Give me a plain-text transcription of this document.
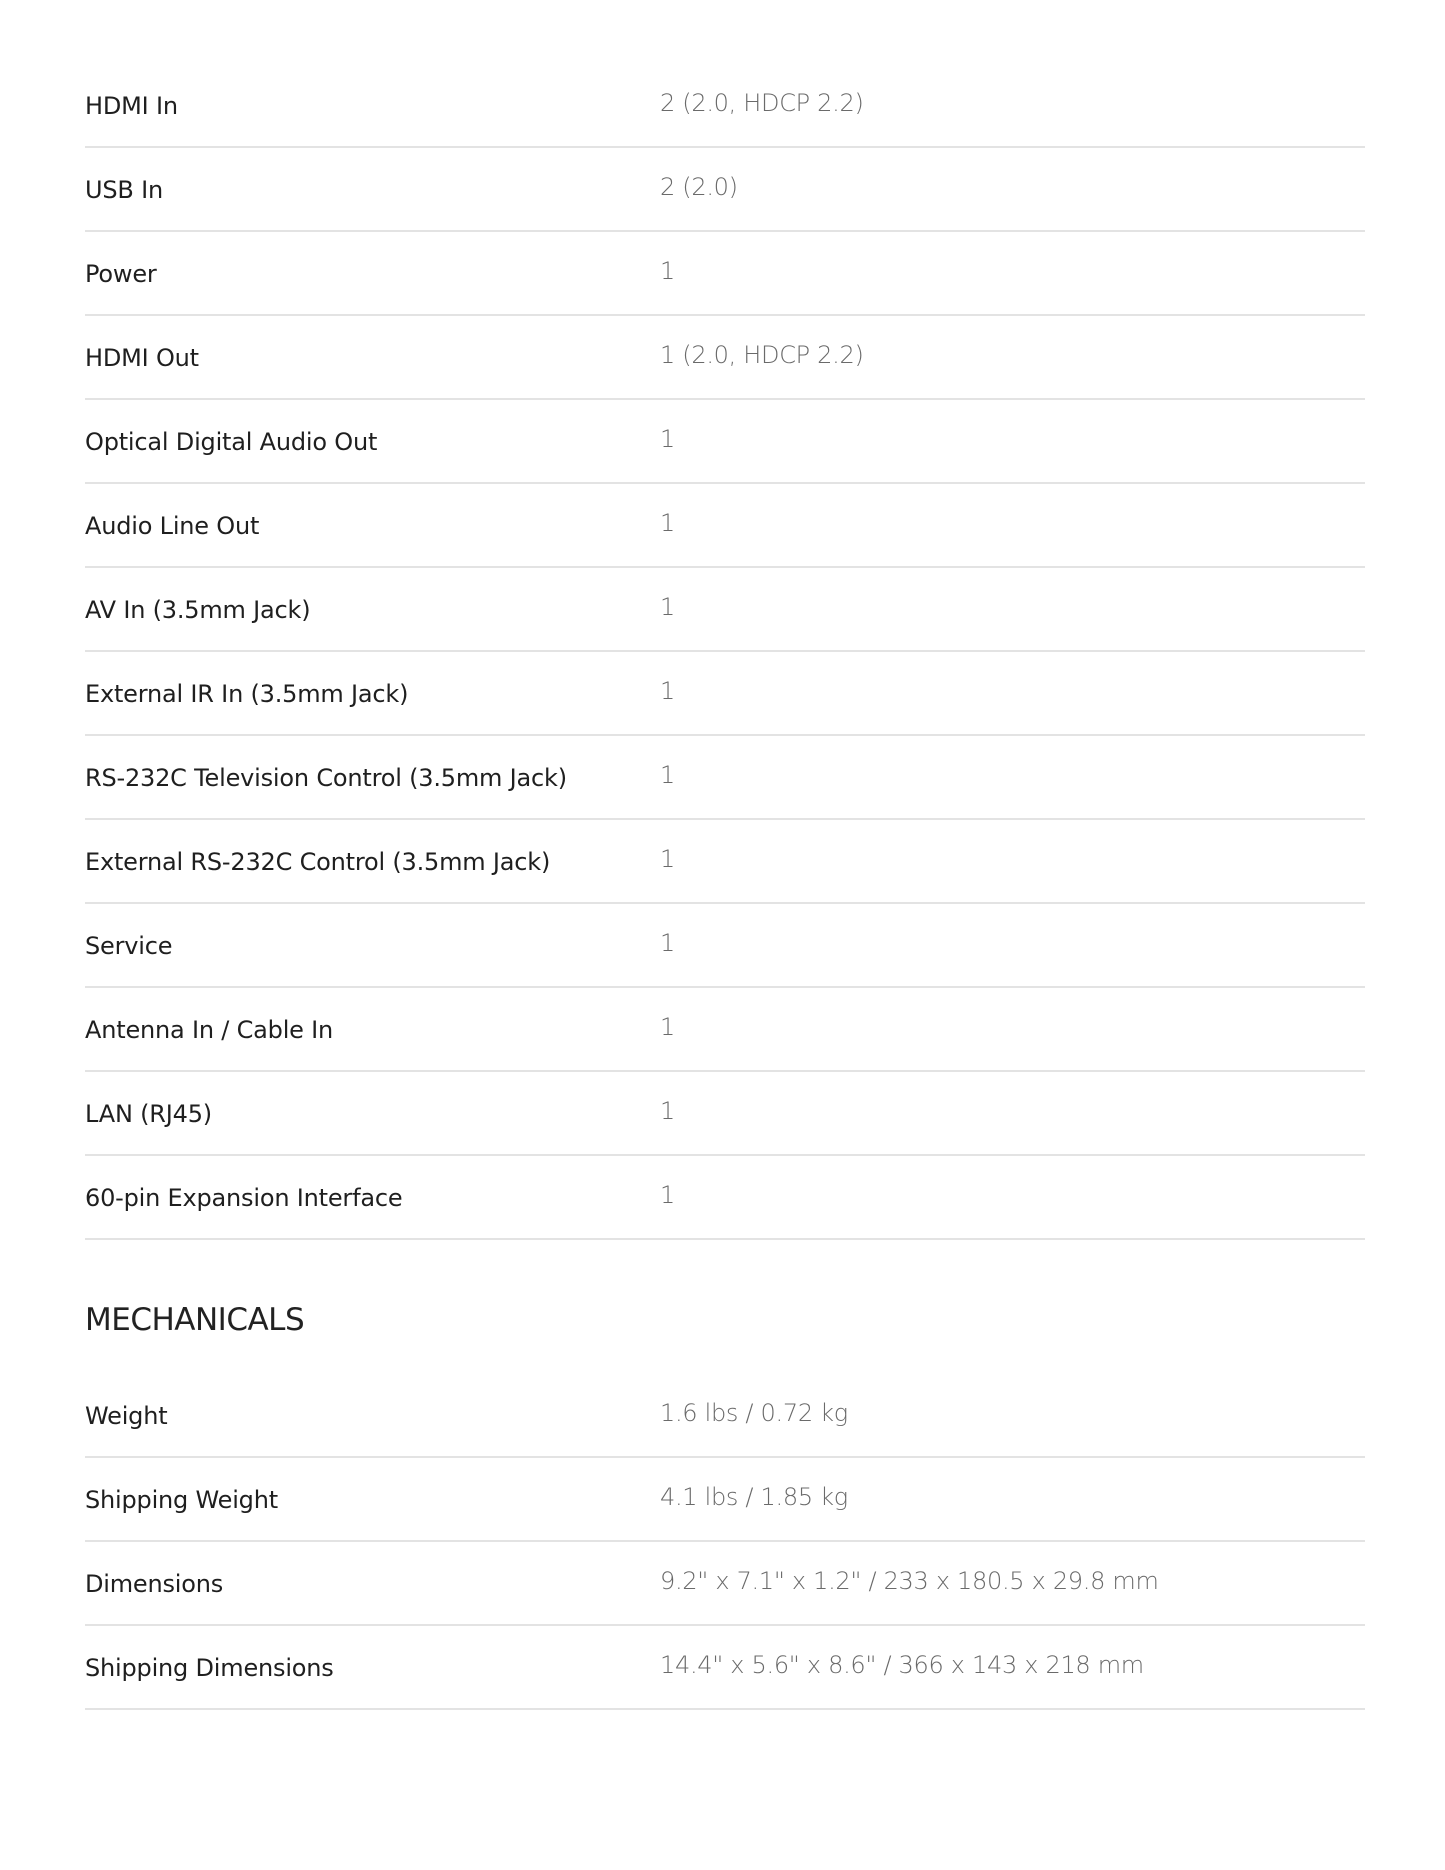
HDMI In	2 (2.0, HDCP 2.2)
USB In	2 (2.0)
Power	1
HDMI Out	1 (2.0, HDCP 2.2)
Optical Digital Audio Out	1
Audio Line Out	1
AV In (3.5mm Jack)	1
External IR In (3.5mm Jack)	1
RS-232C Television Control (3.5mm Jack)	1
External RS-232C Control (3.5mm Jack)	1
Service	1
Antenna In / Cable In	1
LAN (RJ45)	1
60-pin Expansion Interface	1
MECHANICALS
Weight	1.6 lbs / 0.72 kg
Shipping Weight	4.1 lbs / 1.85 kg
Dimensions	9.2" x 7.1" x 1.2" / 233 x 180.5 x 29.8 mm
Shipping Dimensions	14.4" x 5.6" x 8.6" / 366 x 143 x 218 mm
